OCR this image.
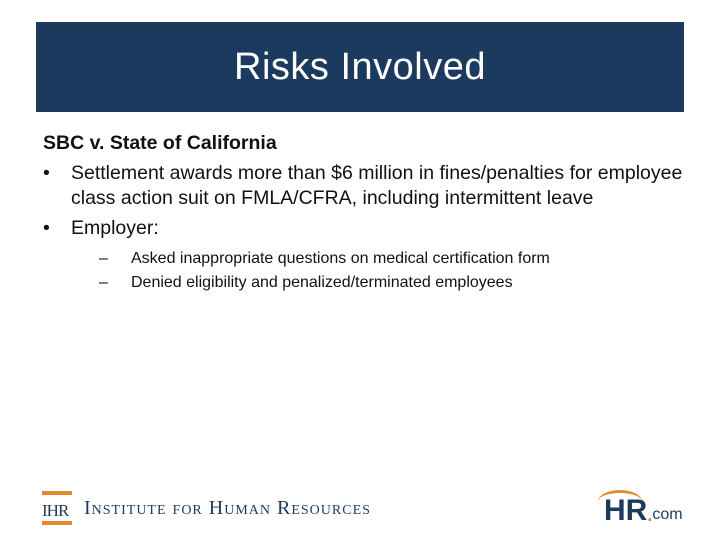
Risks Involved

SBC v. State of California

• Settlement awards more than $6 million in fines/penalties for employee class action suit on FMLA/CFRA, including intermittent leave

• Employer:
– Asked inappropriate questions on medical certification form
– Denied eligibility and penalized/terminated employees
IHR Institute for Human Resources	HR . com
